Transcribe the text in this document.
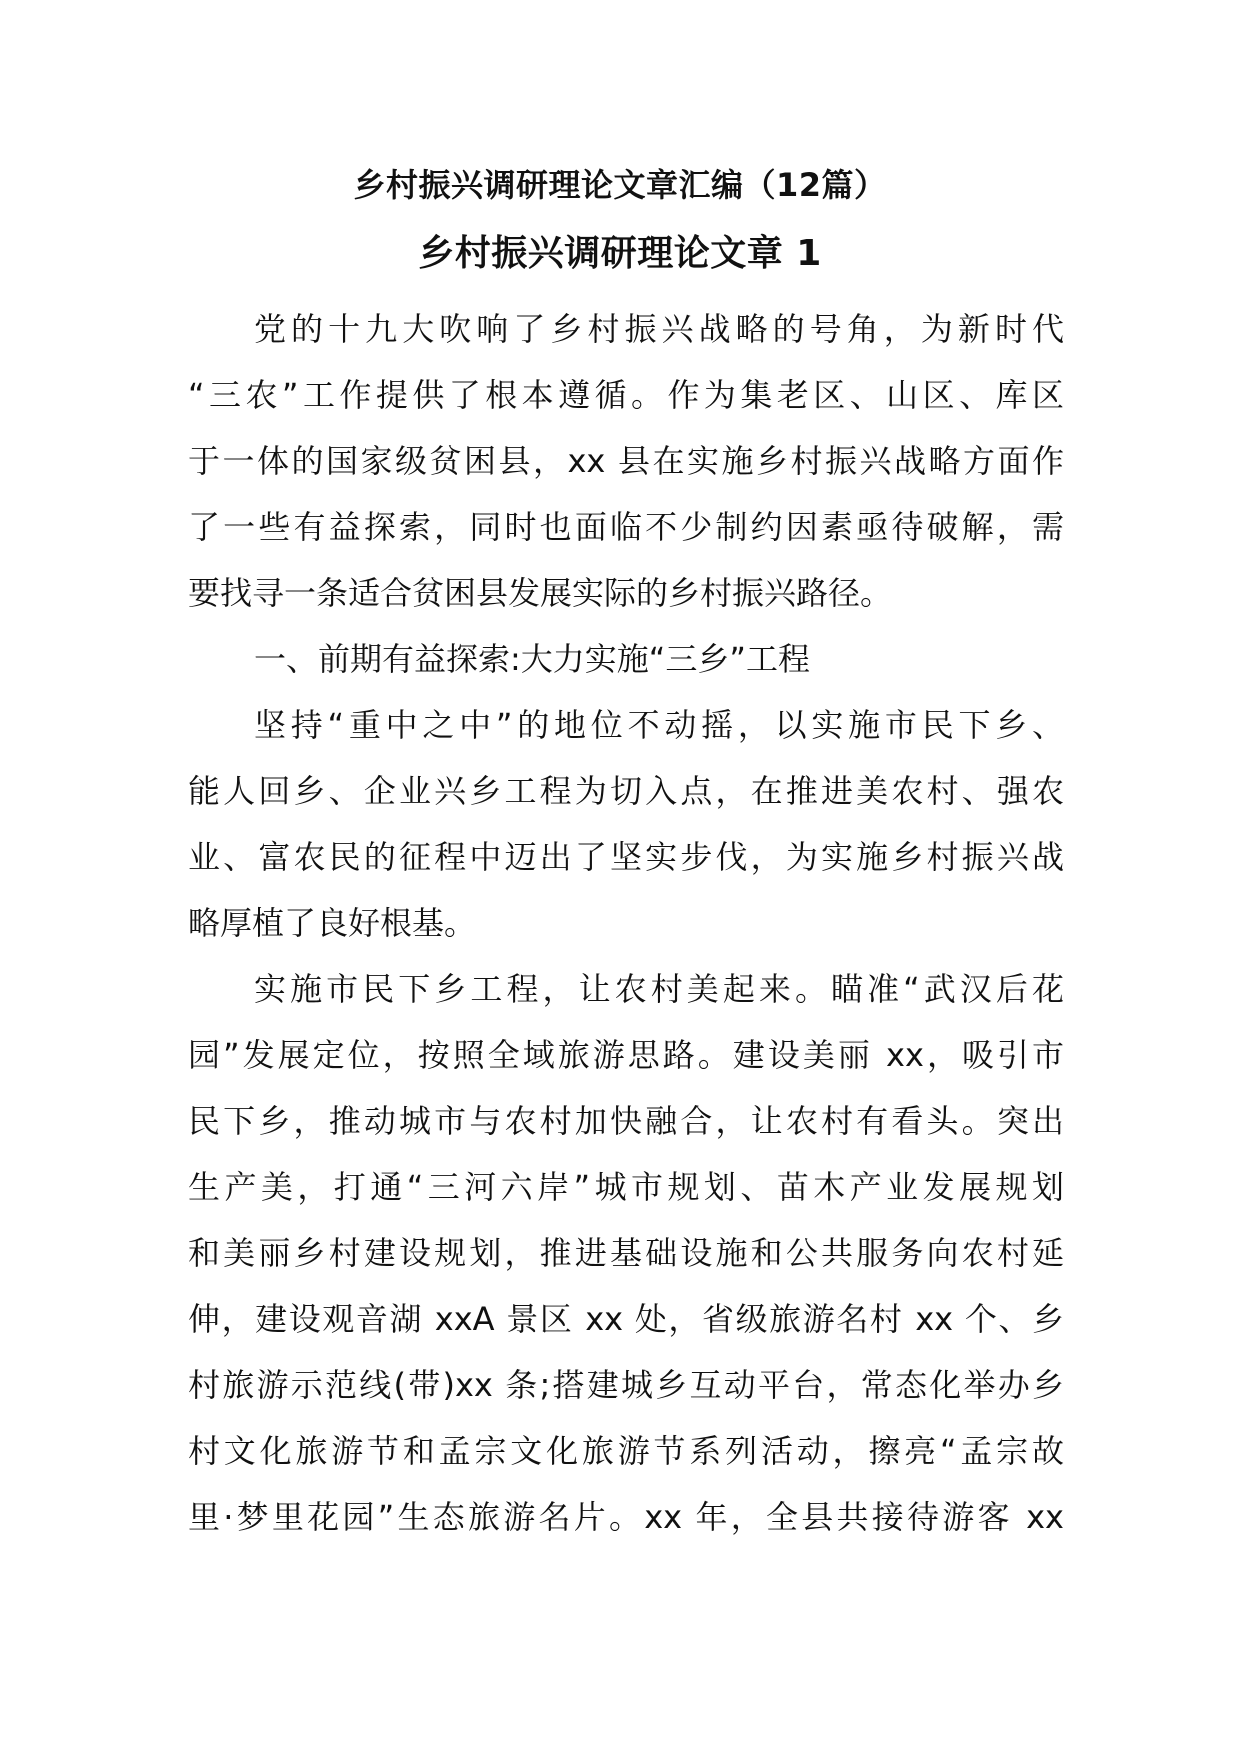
乡村振兴调研理论文章汇编（12篇）
乡村振兴调研理论文章 1
党的十九大吹响了乡村振兴战略的号角，为新时代
“三农”工作提供了根本遵循。作为集老区、山区、库区
于一体的国家级贫困县，xx 县在实施乡村振兴战略方面作
了一些有益探索，同时也面临不少制约因素亟待破解，需
要找寻一条适合贫困县发展实际的乡村振兴路径。
一、前期有益探索:大力实施“三乡”工程
坚持“重中之中”的地位不动摇，以实施市民下乡、
能人回乡、企业兴乡工程为切入点，在推进美农村、强农
业、富农民的征程中迈出了坚实步伐，为实施乡村振兴战
略厚植了良好根基。
实施市民下乡工程，让农村美起来。瞄准“武汉后花
园”发展定位，按照全域旅游思路。建设美丽 xx，吸引市
民下乡，推动城市与农村加快融合，让农村有看头。突出
生产美，打通“三河六岸”城市规划、苗木产业发展规划
和美丽乡村建设规划，推进基础设施和公共服务向农村延
伸，建设观音湖 xxA 景区 xx 处，省级旅游名村 xx 个、乡
村旅游示范线(带)xx 条;搭建城乡互动平台，常态化举办乡
村文化旅游节和孟宗文化旅游节系列活动，擦亮“孟宗故
里·梦里花园”生态旅游名片。xx 年，全县共接待游客 xx
